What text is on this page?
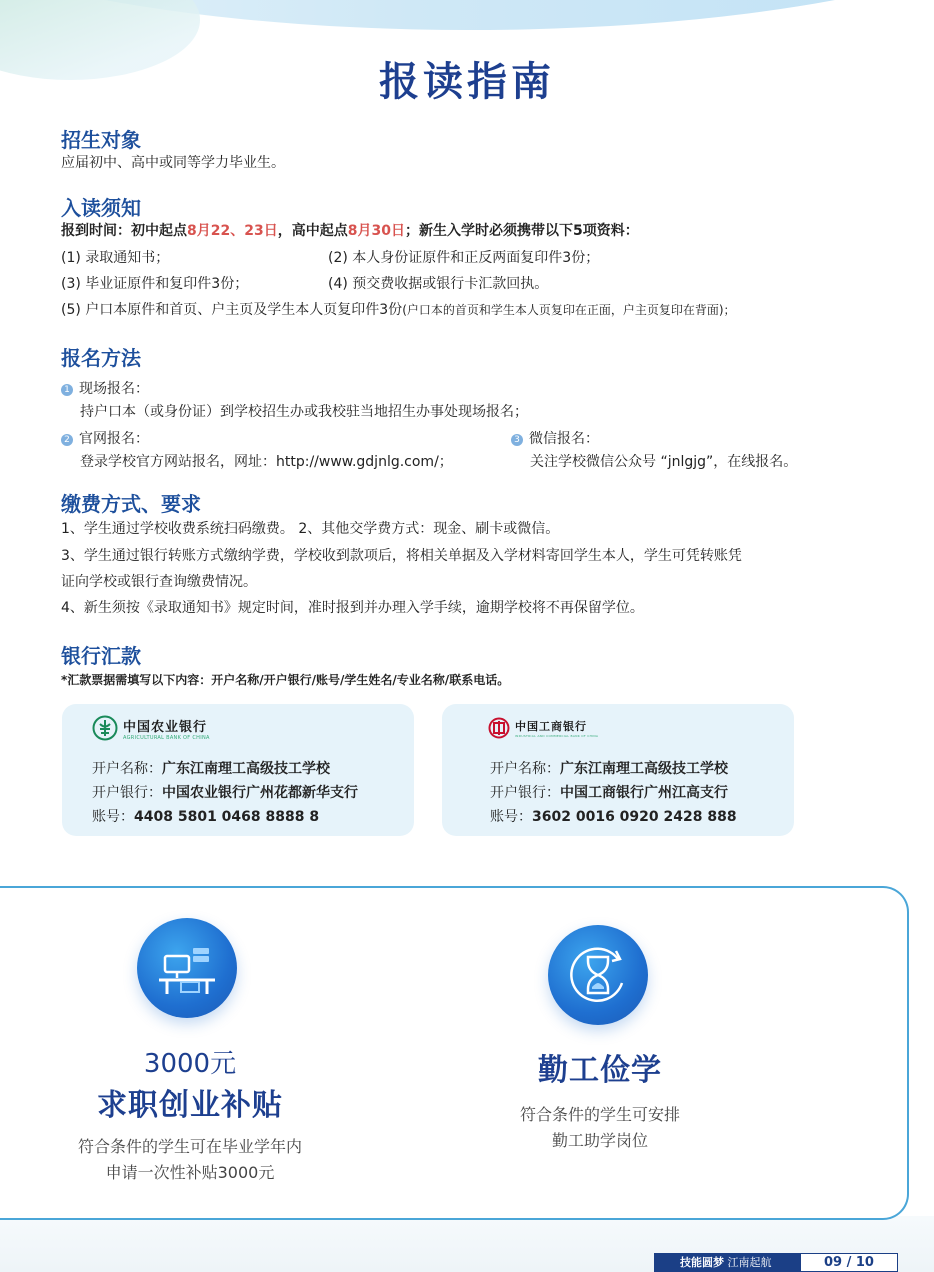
报读指南
招生对象
应届初中、高中或同等学力毕业生。
入读须知
报到时间：初中起点8月22、23日，高中起点8月30日；新生入学时必须携带以下5项资料：
(1) 录取通知书；	(2) 本人身份证原件和正反两面复印件3份；
(3) 毕业证原件和复印件3份；	(4) 预交费收据或银行卡汇款回执。
(5) 户口本原件和首页、户主页及学生本人页复印件3份(户口本的首页和学生本人页复印在正面，户主页复印在背面)；
报名方法
1 现场报名：
持户口本（或身份证）到学校招生办或我校驻当地招生办事处现场报名；
2 官网报名：
登录学校官方网站报名，网址：http://www.gdjnlg.com/；
3 微信报名：
关注学校微信公众号 “jnlgjg”，在线报名。
缴费方式、要求
1、学生通过学校收费系统扫码缴费。 2、其他交学费方式：现金、刷卡或微信。
3、学生通过银行转账方式缴纳学费，学校收到款项后，将相关单据及入学材料寄回学生本人，学生可凭转账凭
证向学校或银行查询缴费情况。
4、新生须按《录取通知书》规定时间，准时报到并办理入学手续，逾期学校将不再保留学位。
银行汇款
*汇款票据需填写以下内容：开户名称/开户银行/账号/学生姓名/专业名称/联系电话。
中国农业银行
AGRICULTURAL BANK OF CHINA
开户名称：广东江南理工高级技工学校
开户银行：中国农业银行广州花都新华支行
账号：4408 5801 0468 8888 8
中国工商银行
INDUSTRIAL AND COMMERCIAL BANK OF CHINA
开户名称：广东江南理工高级技工学校
开户银行：中国工商银行广州江高支行
账号：3602 0016 0920 2428 888
3000元
求职创业补贴
符合条件的学生可在毕业学年内
申请一次性补贴3000元
勤工俭学
符合条件的学生可安排
勤工助学岗位
技能圆梦 江南起航	09 / 10
